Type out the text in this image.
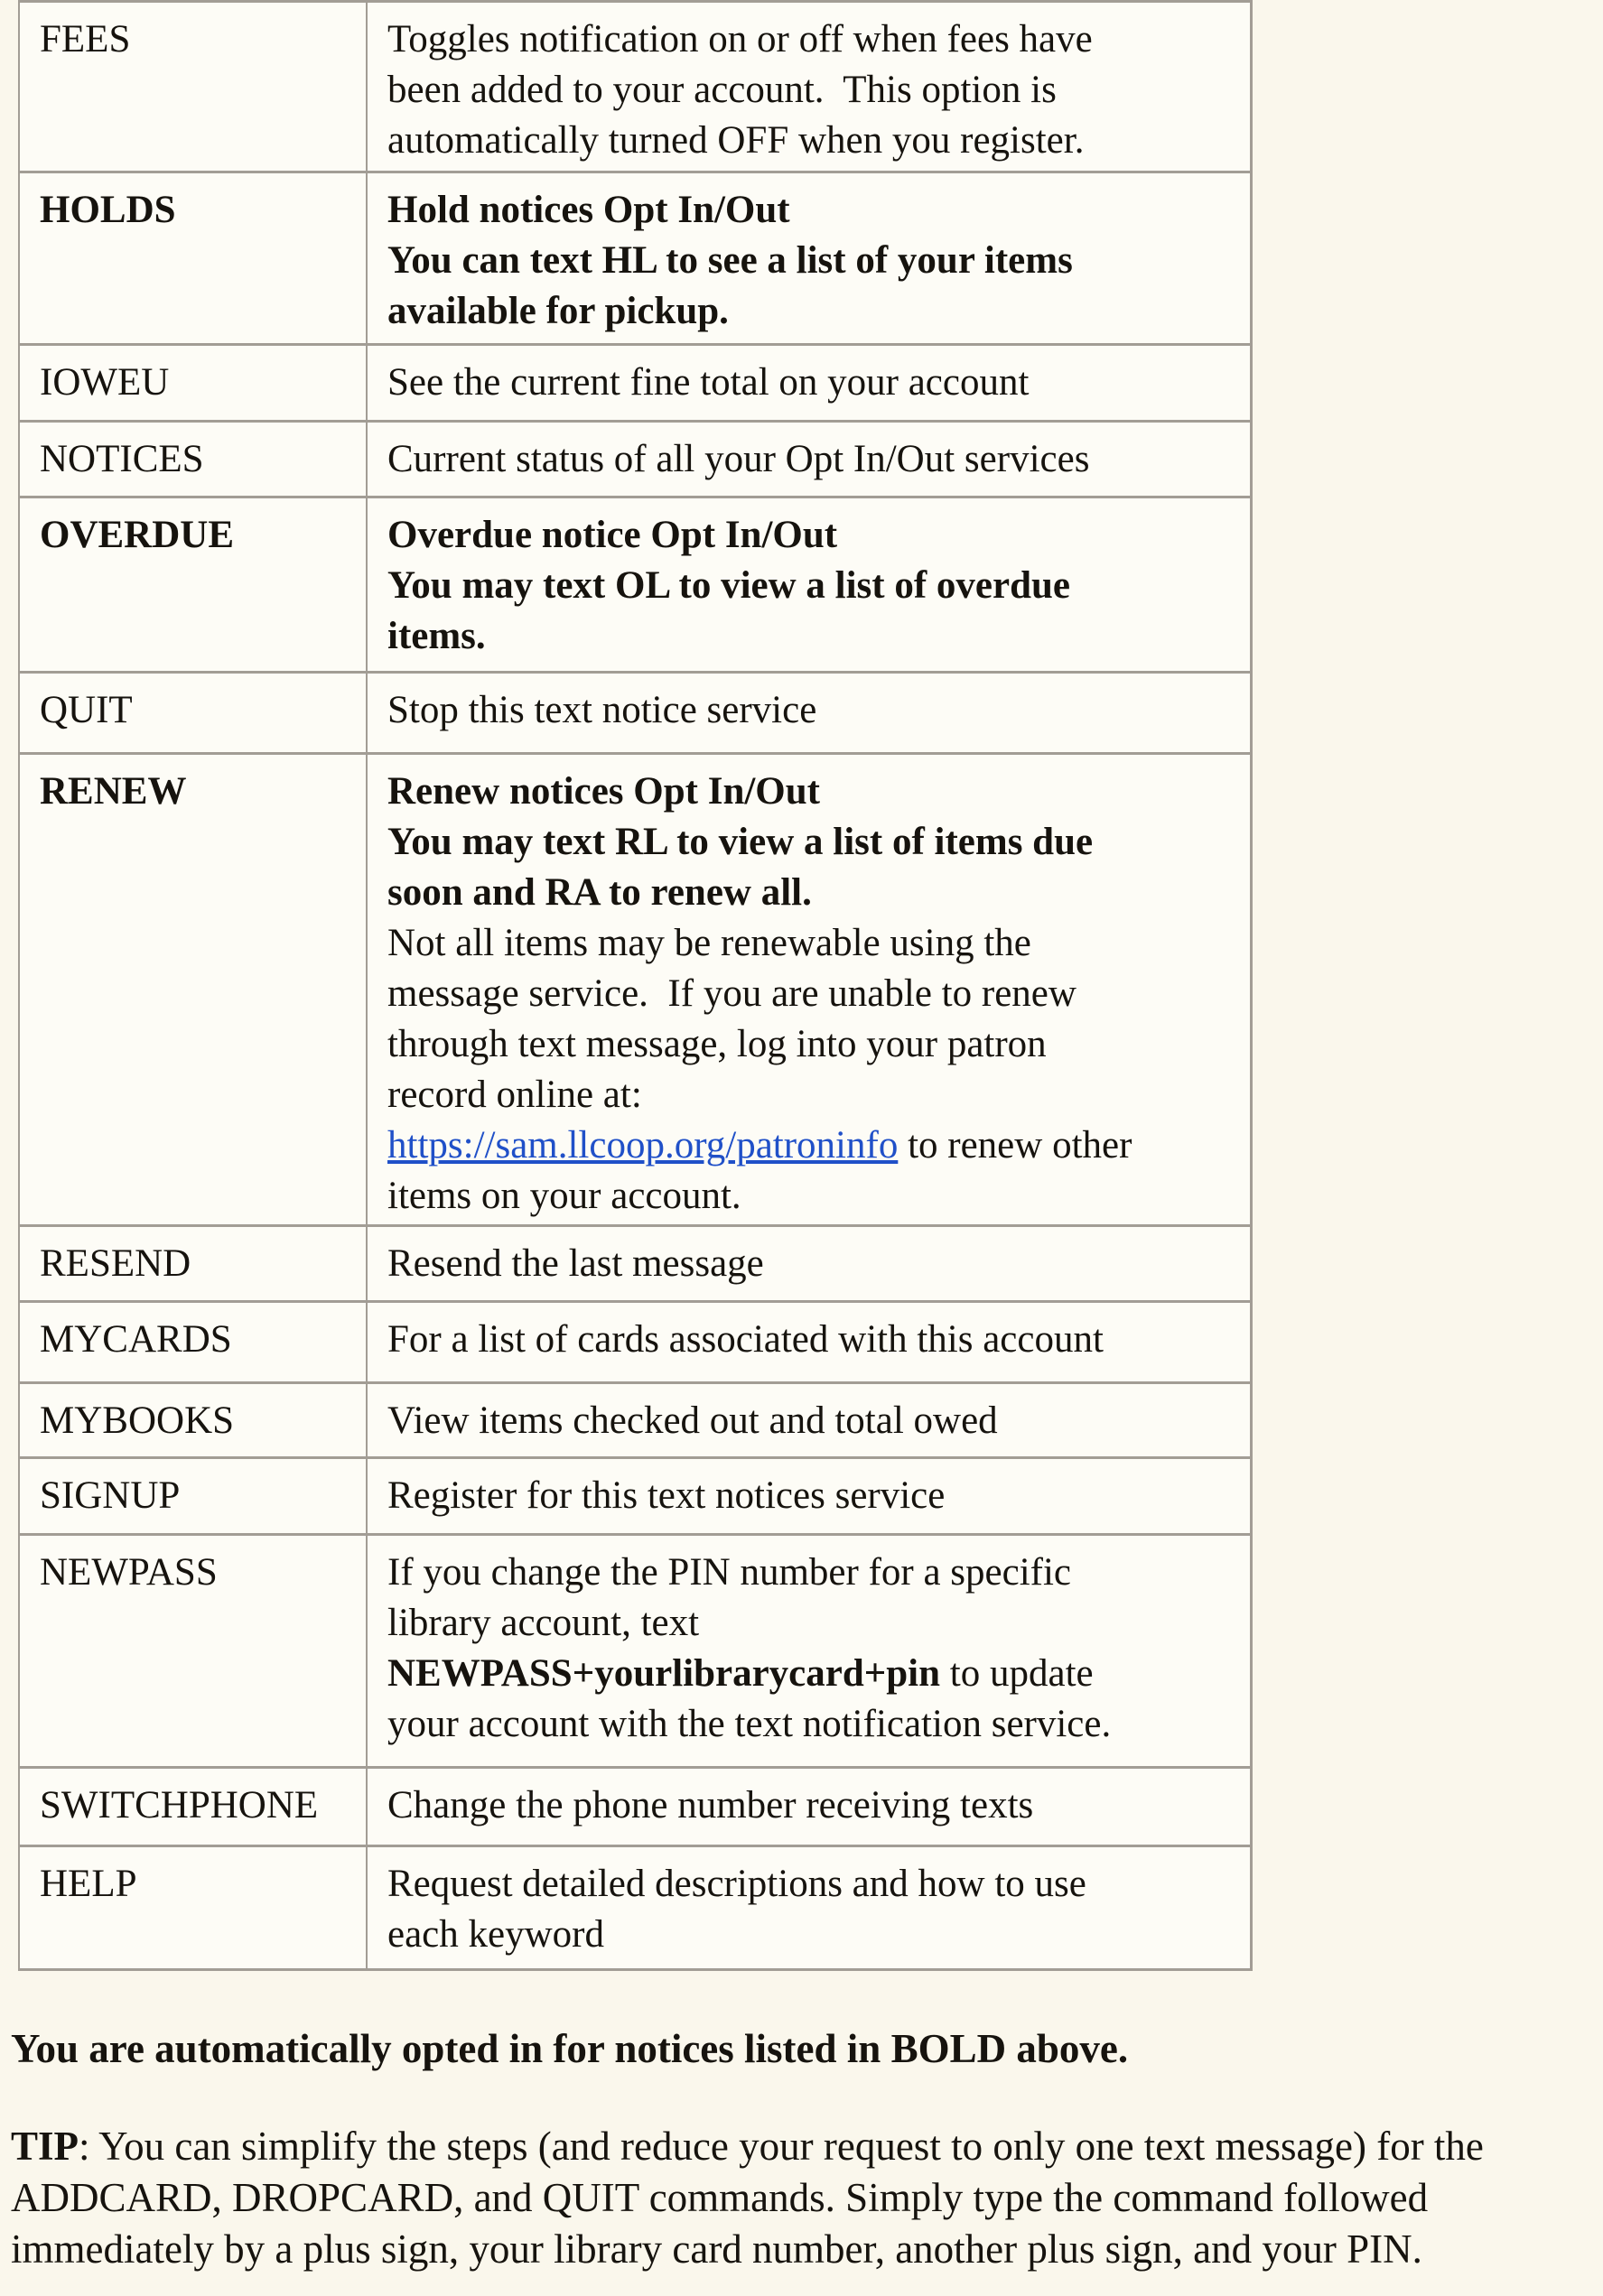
FEES	Toggles notification on or off when fees have
been added to your account.  This option is
automatically turned OFF when you register.
HOLDS	Hold notices Opt In/Out
You can text HL to see a list of your items
available for pickup.
IOWEU	See the current fine total on your account
NOTICES	Current status of all your Opt In/Out services
OVERDUE	Overdue notice Opt In/Out
You may text OL to view a list of overdue
items.
QUIT	Stop this text notice service
RENEW	Renew notices Opt In/Out
You may text RL to view a list of items due
soon and RA to renew all.
Not all items may be renewable using the
message service.  If you are unable to renew
through text message, log into your patron
record online at:
https://sam.llcoop.org/patroninfo to renew other
items on your account.
RESEND	Resend the last message
MYCARDS	For a list of cards associated with this account
MYBOOKS	View items checked out and total owed
SIGNUP	Register for this text notices service
NEWPASS	If you change the PIN number for a specific
library account, text
NEWPASS+yourlibrarycard+pin to update
your account with the text notification service.
SWITCHPHONE	Change the phone number receiving texts
HELP	Request detailed descriptions and how to use
each keyword
You are automatically opted in for notices listed in BOLD above.
TIP: You can simplify the steps (and reduce your request to only one text message) for the
ADDCARD, DROPCARD, and QUIT commands. Simply type the command followed
immediately by a plus sign, your library card number, another plus sign, and your PIN.
